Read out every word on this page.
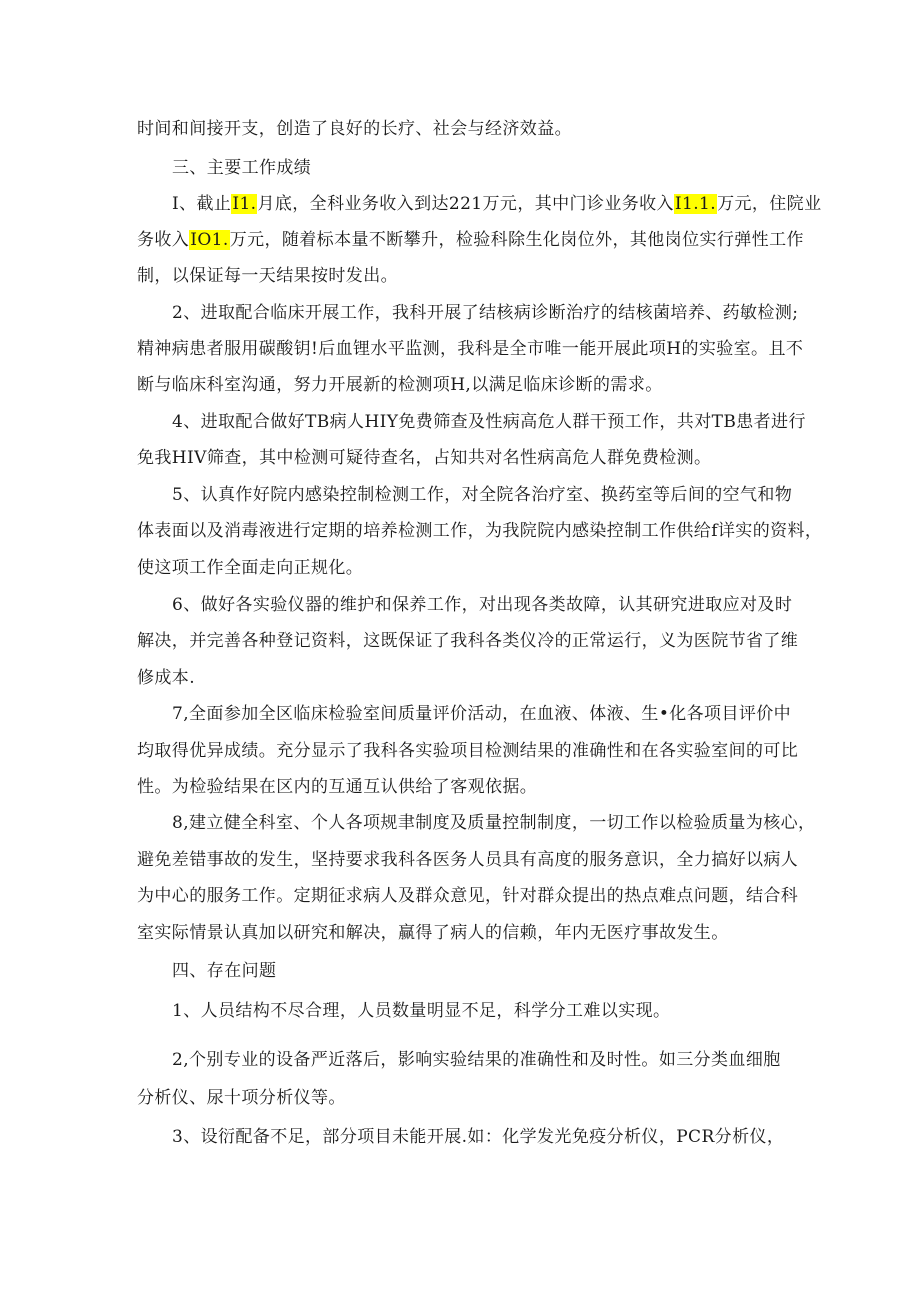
时间和间接开支，创造了良好的长疗、社会与经济效益。
三、主要工作成绩
I、截止I1.月底，全科业务收入到达221万元，其中门诊业务收入I1.1.万元，住院业
务收入IO1.万元，随着标本量不断攀升，检验科除生化岗位外，其他岗位实行弹性工作
制，以保证每一天结果按时发出。
2、进取配合临床开展工作，我科开展了结核病诊断治疗的结核菌培养、药敏检测;
精神病患者服用碳酸钥!后血锂水平监测，我科是全市唯一能开展此项H的实验室。且不
断与临床科室沟通，努力开展新的检测项H,以满足临床诊断的需求。
4、进取配合做好TB病人HIY免费筛查及性病高危人群干预工作，共对TB患者进行
免我HIV筛查，其中检测可疑待查名，占知共对名性病高危人群免费检测。
5、认真作好院内感染控制检测工作，对全院各治疗室、换药室等后间的空气和物
体表面以及消毒液进行定期的培养检测工作，为我院院内感染控制工作供给f详实的资料，
使这项工作全面走向正规化。
6、做好各实验仪器的维护和保养工作，对出现各类故障，认其研究进取应对及时
解决，并完善各种登记资料，这既保证了我科各类仪冷的正常运行，义为医院节省了维
修成本.
7,全面参加全区临床检验室间质量评价活动，在血液、体液、生•化各项目评价中
均取得优异成绩。充分显示了我科各实验项目检测结果的准确性和在各实验室间的可比
性。为检验结果在区内的互通互认供给了客观依据。
8,建立健全科室、个人各项规聿制度及质量控制制度，一切工作以检验质量为核心，
避免差错事故的发生，坚持要求我科各医务人员具有高度的服务意识，全力搞好以病人
为中心的服务工作。定期征求病人及群众意见，针对群众提出的热点难点问题，结合科
室实际情景认真加以研究和解决，赢得了病人的信赖，年内无医疗事故发生。
四、存在问题
1、人员结构不尽合理，人员数量明显不足，科学分工难以实现。
2,个别专业的设备严近落后，影响实验结果的准确性和及时性。如三分类血细胞
分析仪、尿十项分析仪等。
3、设衍配备不足，部分项目未能开展.如：化学发光免疫分析仪，PCR分析仪，
